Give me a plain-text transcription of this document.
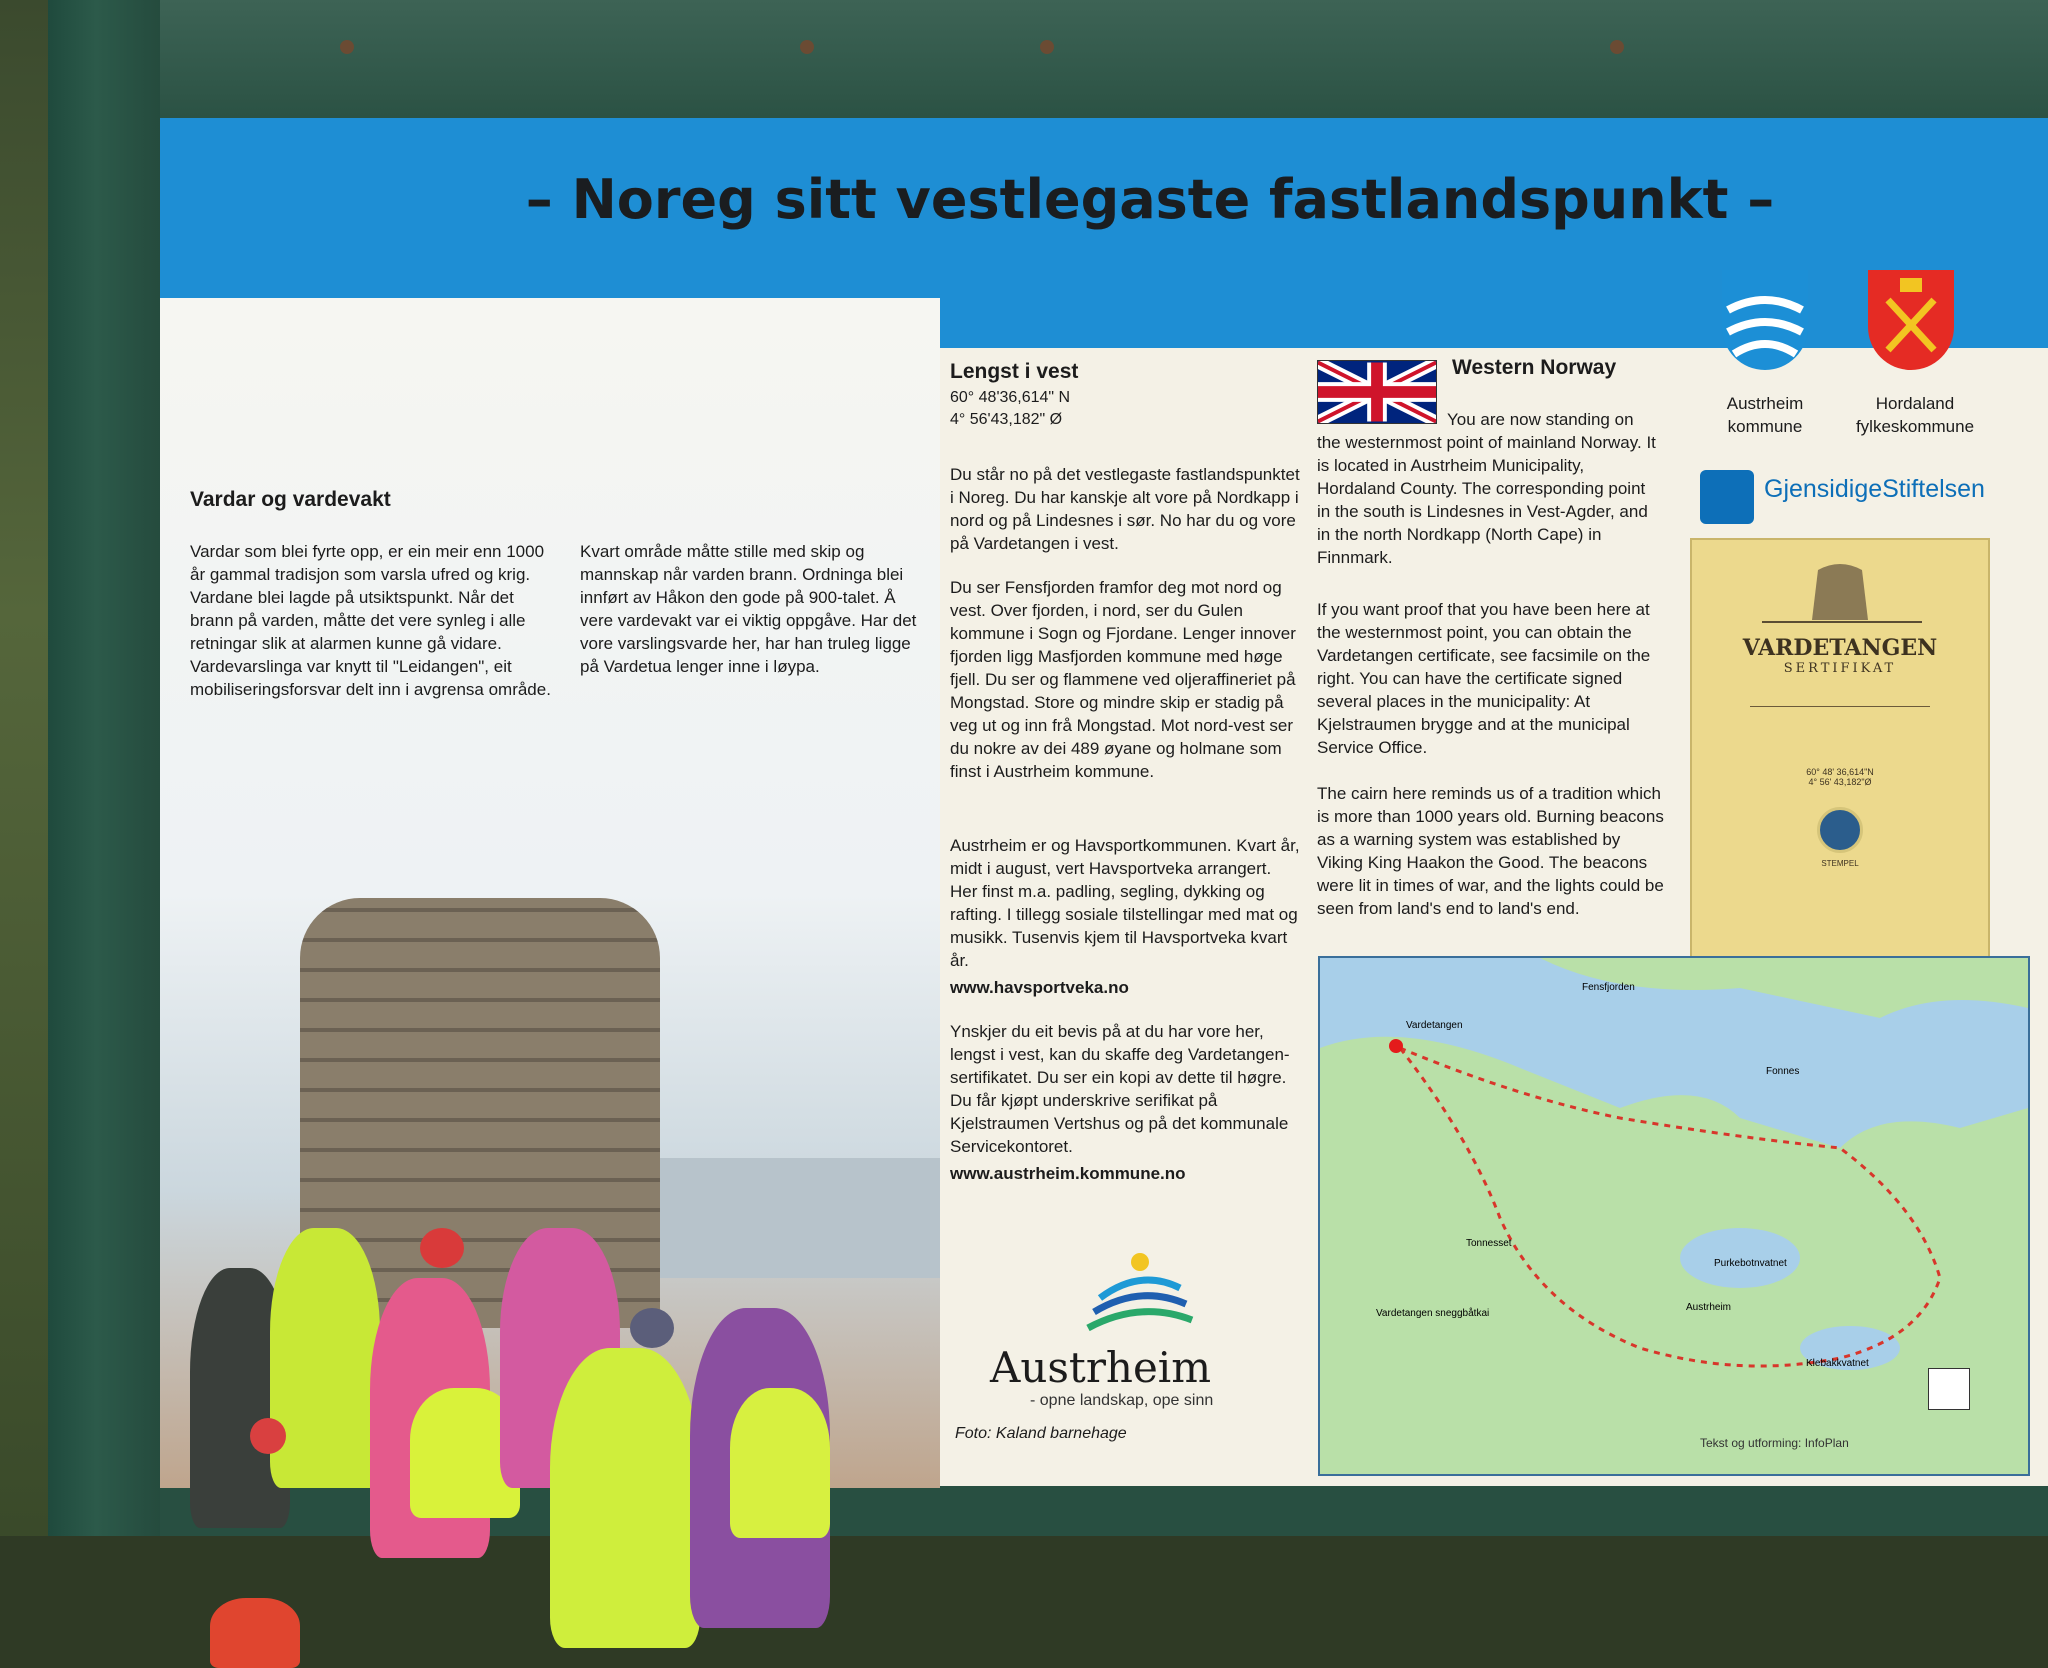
– Noreg sitt vestlegaste fastlandspunkt –
Vardar og vardevakt

Vardar som blei fyrte opp, er ein meir enn 1000 år gammal tradisjon som varsla ufred og krig. Vardane blei lagde på utsiktspunkt. Når det brann på varden, måtte det vere synleg i alle retningar slik at alarmen kunne gå vidare. Vardevarslinga var knytt til "Leidangen", eit mobiliseringsforsvar delt inn i avgrensa område.

Kvart område måtte stille med skip og mannskap når varden brann. Ordninga blei innført av Håkon den gode på 900-talet. Å vere vardevakt var ei viktig oppgåve. Har det vore varslingsvarde her, har han truleg ligge på Vardetua lenger inne i løypa.

Lengst i vest
60° 48'36,614" N
4° 56'43,182" Ø

Du står no på det vestlegaste fastlandspunktet i Noreg. Du har kanskje alt vore på Nordkapp i nord og på Lindesnes i sør. No har du og vore på Vardetangen i vest.

Du ser Fensfjorden framfor deg mot nord og vest. Over fjorden, i nord, ser du Gulen kommune i Sogn og Fjordane. Lenger innover fjorden ligg Masfjorden kommune med høge fjell. Du ser og flammene ved oljeraffineriet på Mongstad. Store og mindre skip er stadig på veg ut og inn frå Mongstad. Mot nord-vest ser du nokre av dei 489 øyane og holmane som finst i Austrheim kommune.

Austrheim er og Havsportkommunen. Kvart år, midt i august, vert Havsportveka arrangert. Her finst m.a. padling, segling, dykking og rafting. I tillegg sosiale tilstellingar med mat og musikk. Tusenvis kjem til Havsportveka kvart år.

www.havsportveka.no

Ynskjer du eit bevis på at du har vore her, lengst i vest, kan du skaffe deg Vardetangen-sertifikatet. Du ser ein kopi av dette til høgre. Du får kjøpt underskrive serifikat på Kjelstraumen Vertshus og på det kommunale Servicekontoret.

www.austrheim.kommune.no
Austrheim
- opne landskap, ope sinn
Foto: Kaland barnehage
Western Norway

You are now standing on the westernmost point of mainland Norway. It is located in Austrheim Municipality, Hordaland County. The corresponding point in the south is Lindesnes in Vest-Agder, and in the north Nordkapp (North Cape) in Finnmark.

If you want proof that you have been here at the westernmost point, you can obtain the Vardetangen certificate, see facsimile on the right. You can have the certificate signed several places in the municipality: At Kjelstraumen brygge and at the municipal Service Office.

The cairn here reminds us of a tradition which is more than 1000 years old. Burning beacons as a warning system was established by Viking King Haakon the Good. The beacons were lit in times of war, and the lights could be seen from land's end to land's end.

Austrheim
kommune
Hordaland
fylkeskommune
GjensidigeStiftelsen
VARDETANGEN
SERTIFIKAT
60° 48' 36,614"N
4° 56' 43,182"Ø
STEMPEL
Fensfjorden
Vardetangen
Fonnes
Tonnesset
Purkebotnvatnet
Vardetangen sneggbåtkai
Klebakkvatnet
Austrheim
Tekst og utforming: InfoPlan
